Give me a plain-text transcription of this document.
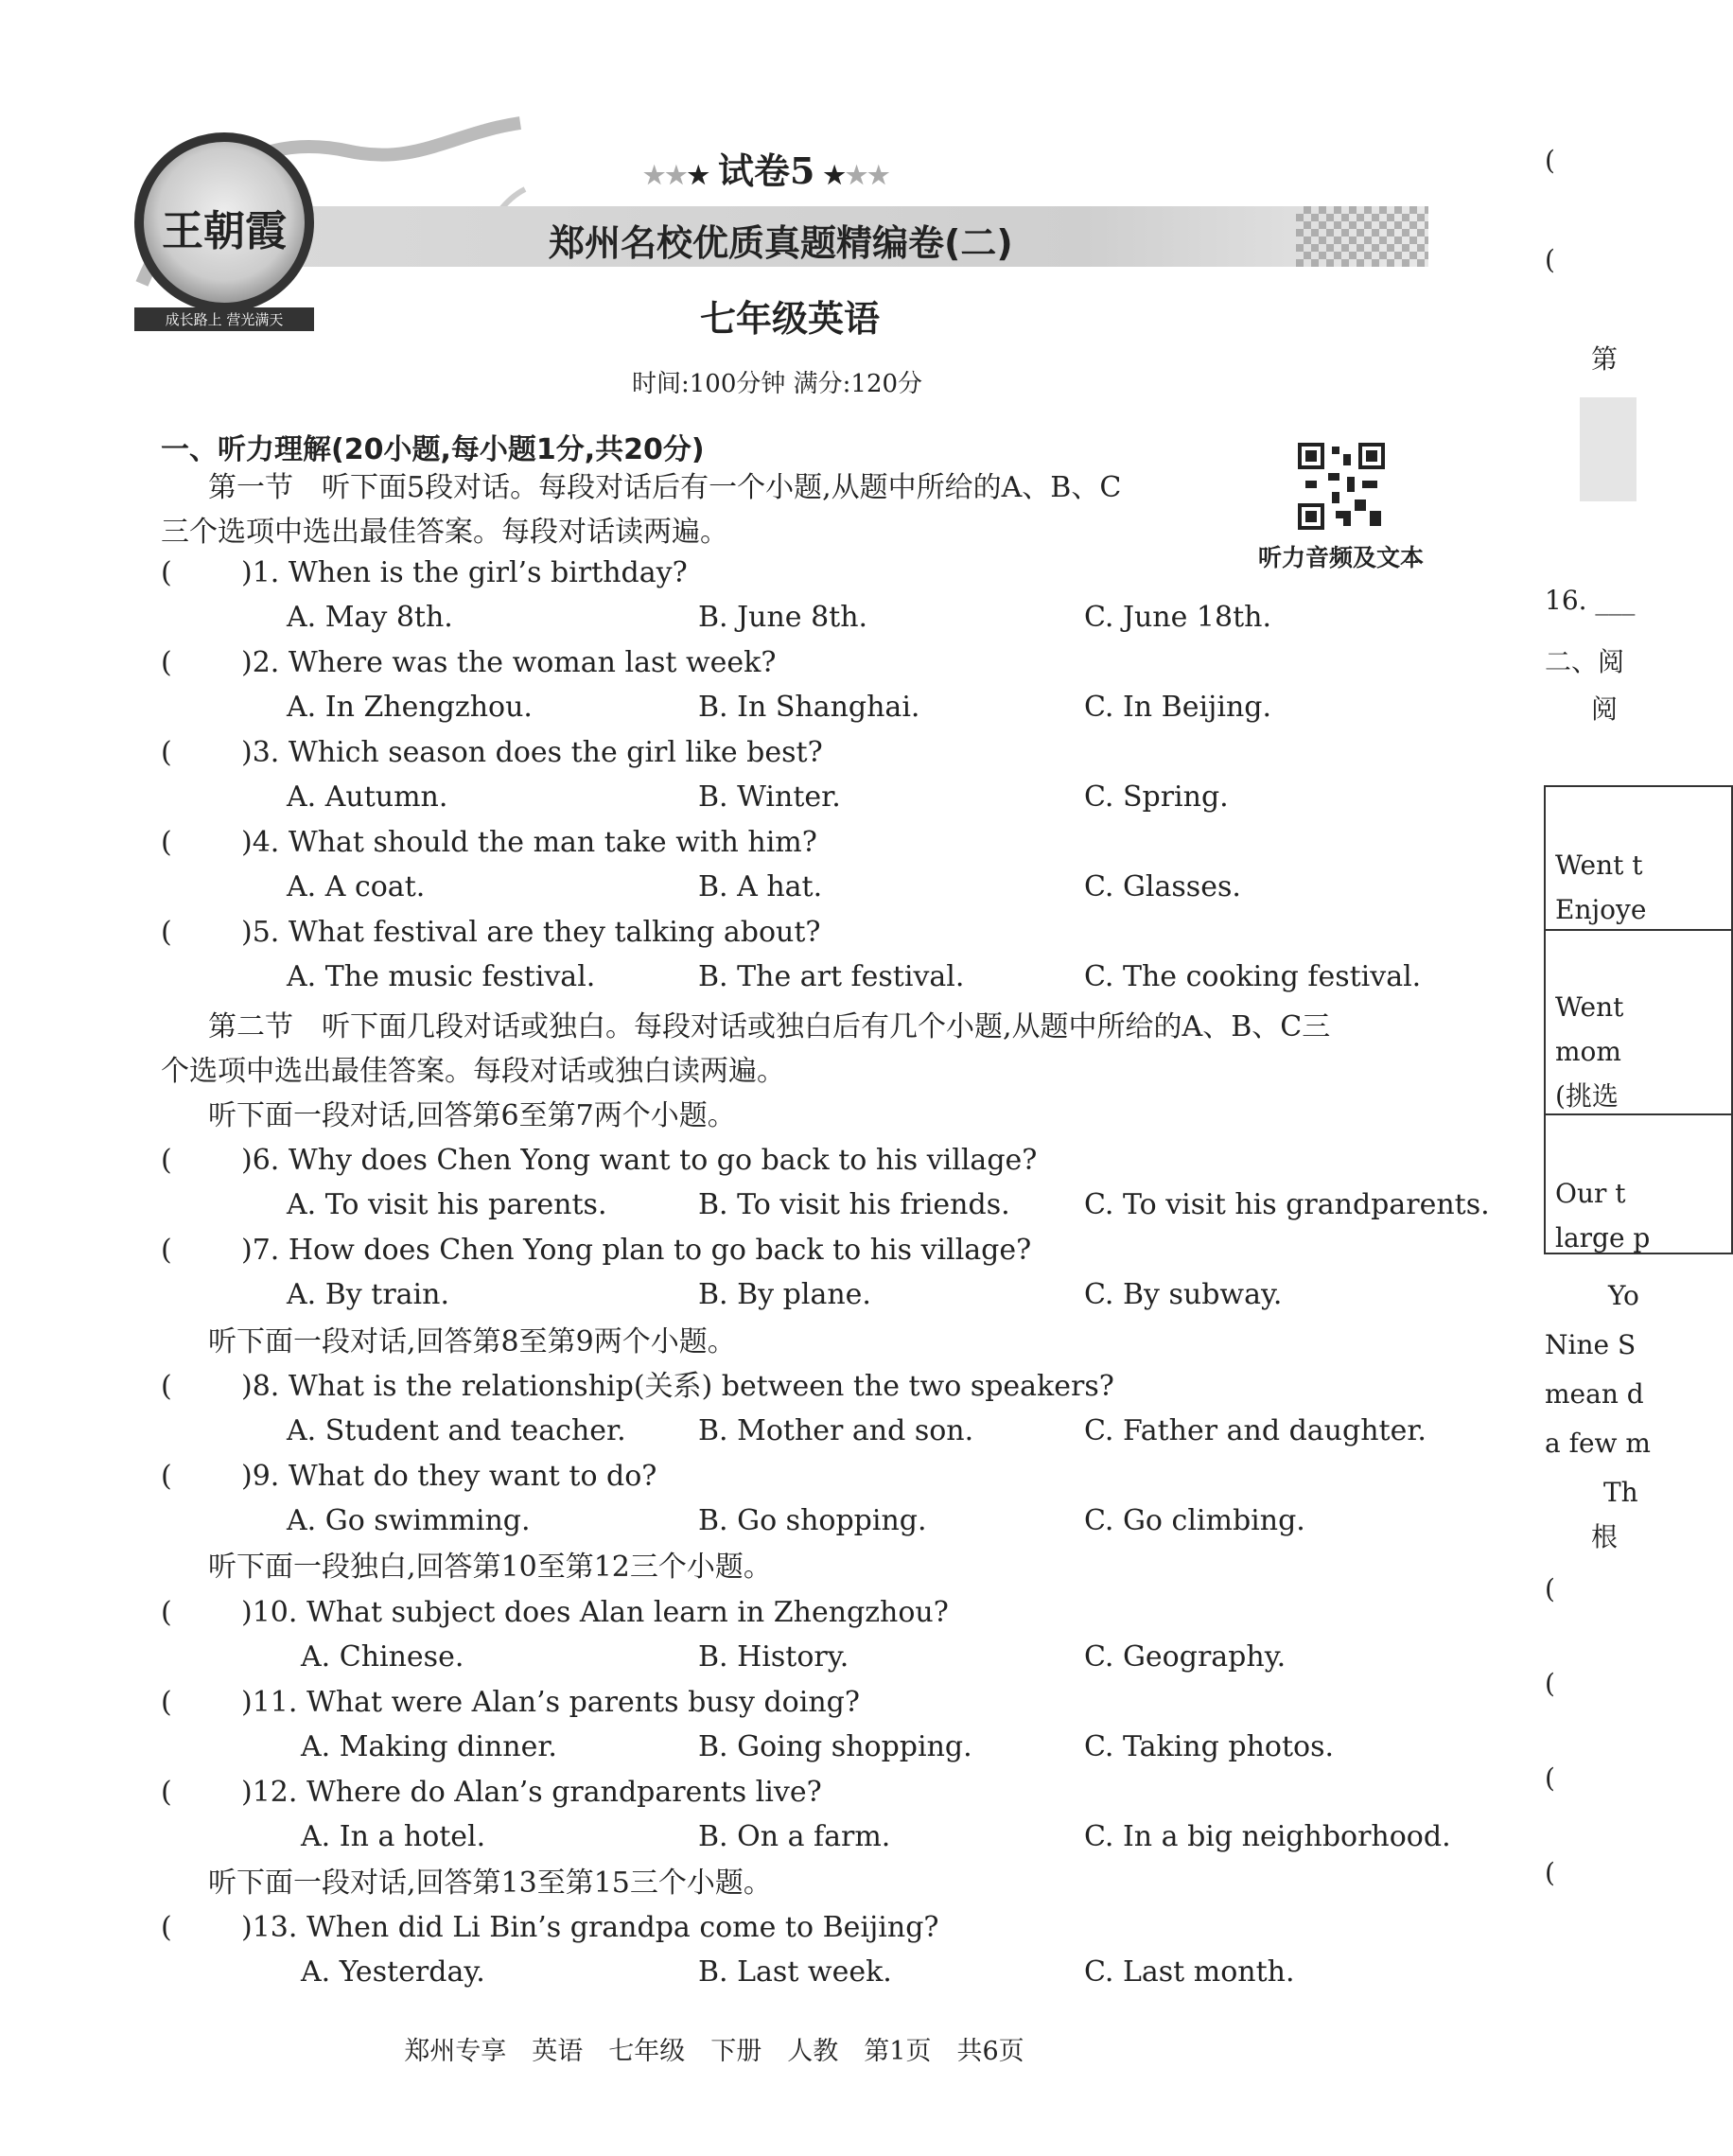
王朝霞
成长路上 营光满天
★★★ 试卷5 ★★★
郑州名校优质真题精编卷(二)
七年级英语
时间:100分钟 满分:120分
听力音频及文本
一、听力理解(20小题,每小题1分,共20分)
第一节　听下面5段对话。每段对话后有一个小题,从题中所给的A、B、C
三个选项中选出最佳答案。每段对话读两遍。
( )1. When is the girl’s birthday?
A. May 8th.	B. June 8th.	C. June 18th.
( )2. Where was the woman last week?
A. In Zhengzhou.	B. In Shanghai.	C. In Beijing.
( )3. Which season does the girl like best?
A. Autumn.	B. Winter.	C. Spring.
( )4. What should the man take with him?
A. A coat.	B. A hat.	C. Glasses.
( )5. What festival are they talking about?
A. The music festival.	B. The art festival.	C. The cooking festival.
( )6. Why does Chen Yong want to go back to his village?
A. To visit his parents.	B. To visit his friends.	C. To visit his grandparents.
( )7. How does Chen Yong plan to go back to his village?
A. By train.	B. By plane.	C. By subway.
( )8. What is the relationship(关系) between the two speakers?
A. Student and teacher.	B. Mother and son.	C. Father and daughter.
( )9. What do they want to do?
A. Go swimming.	B. Go shopping.	C. Go climbing.
( )10. What subject does Alan learn in Zhengzhou?
A. Chinese.	B. History.	C. Geography.
( )11. What were Alan’s parents busy doing?
A. Making dinner.	B. Going shopping.	C. Taking photos.
( )12. Where do Alan’s grandparents live?
A. In a hotel.	B. On a farm.	C. In a big neighborhood.
( )13. When did Li Bin’s grandpa come to Beijing?
A. Yesterday.	B. Last week.	C. Last month.
第二节　听下面几段对话或独白。每段对话或独白后有几个小题,从题中所给的A、B、C三
个选项中选出最佳答案。每段对话或独白读两遍。
听下面一段对话,回答第6至第7两个小题。
听下面一段对话,回答第8至第9两个小题。
听下面一段独白,回答第10至第12三个小题。
听下面一段对话,回答第13至第15三个小题。
(
(
第
16. ___
二、阅
阅
Went t
Enjoye
Went
mom
(挑选
Our t
large p
Yo
Nine S
mean d
a few m
Th
根
(
(
(
(
郑州专享　英语　七年级　下册　人教　第1页　共6页
